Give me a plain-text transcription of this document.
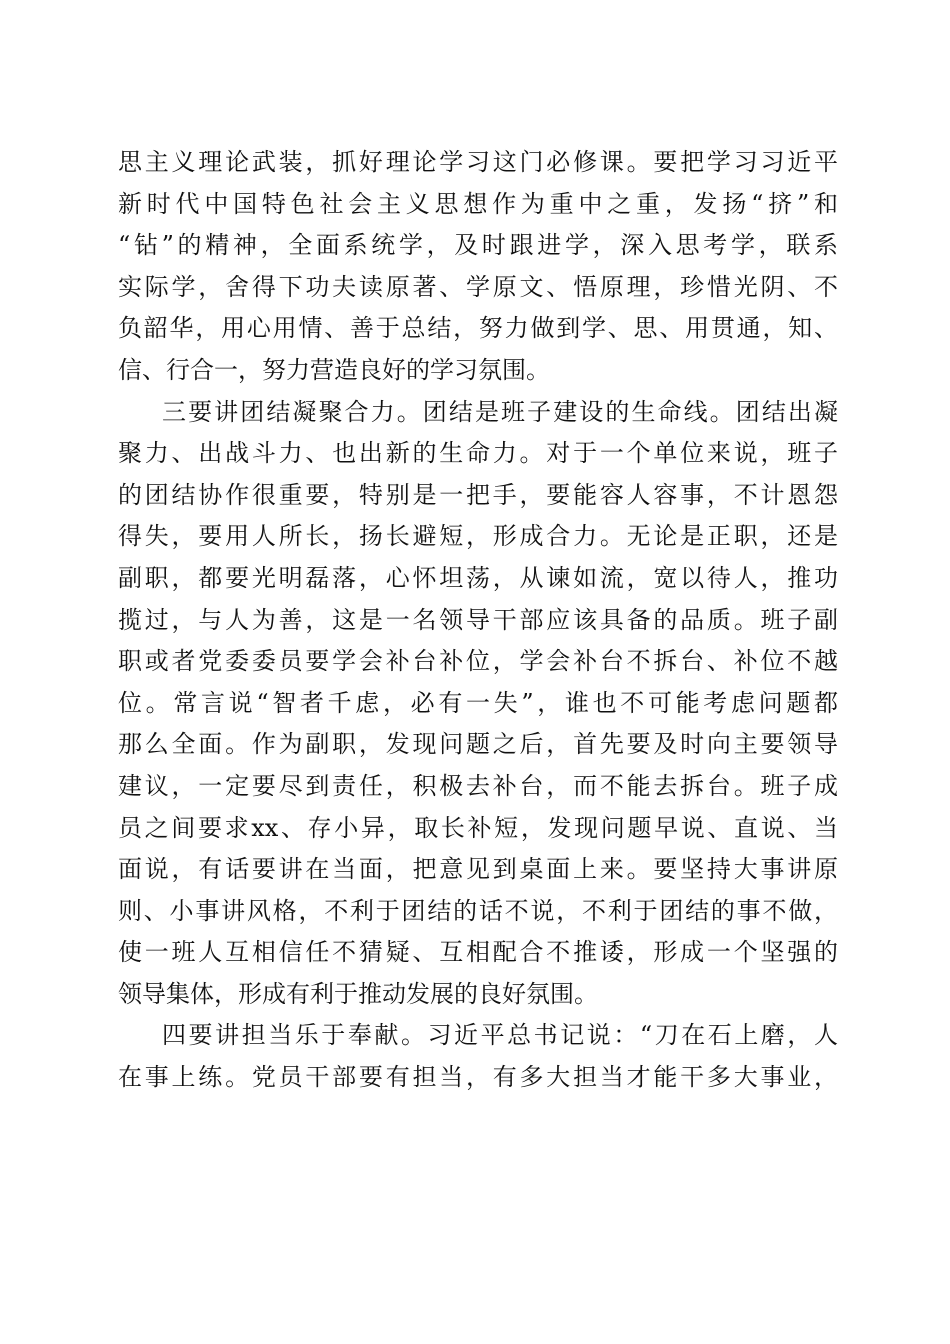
思主义理论武装，抓好理论学习这门必修课。要把学习习近平
新时代中国特色社会主义思想作为重中之重，发扬“挤”和
“钻”的精神，全面系统学，及时跟进学，深入思考学，联系
实际学，舍得下功夫读原著、学原文、悟原理，珍惜光阴、不
负韶华，用心用情、善于总结，努力做到学、思、用贯通，知、
信、行合一，努力营造良好的学习氛围。
三要讲团结凝聚合力。团结是班子建设的生命线。团结出凝
聚力、出战斗力、也出新的生命力。对于一个单位来说，班子
的团结协作很重要，特别是一把手，要能容人容事，不计恩怨
得失，要用人所长，扬长避短，形成合力。无论是正职，还是
副职，都要光明磊落，心怀坦荡，从谏如流，宽以待人，推功
揽过，与人为善，这是一名领导干部应该具备的品质。班子副
职或者党委委员要学会补台补位，学会补台不拆台、补位不越
位。常言说“智者千虑，必有一失”，谁也不可能考虑问题都
那么全面。作为副职，发现问题之后，首先要及时向主要领导
建议，一定要尽到责任，积极去补台，而不能去拆台。班子成
员之间要求xx、存小异，取长补短，发现问题早说、直说、当
面说，有话要讲在当面，把意见到桌面上来。要坚持大事讲原
则、小事讲风格，不利于团结的话不说，不利于团结的事不做，
使一班人互相信任不猜疑、互相配合不推诿，形成一个坚强的
领导集体，形成有利于推动发展的良好氛围。
四要讲担当乐于奉献。习近平总书记说：“刀在石上磨，人
在事上练。党员干部要有担当，有多大担当才能干多大事业，
